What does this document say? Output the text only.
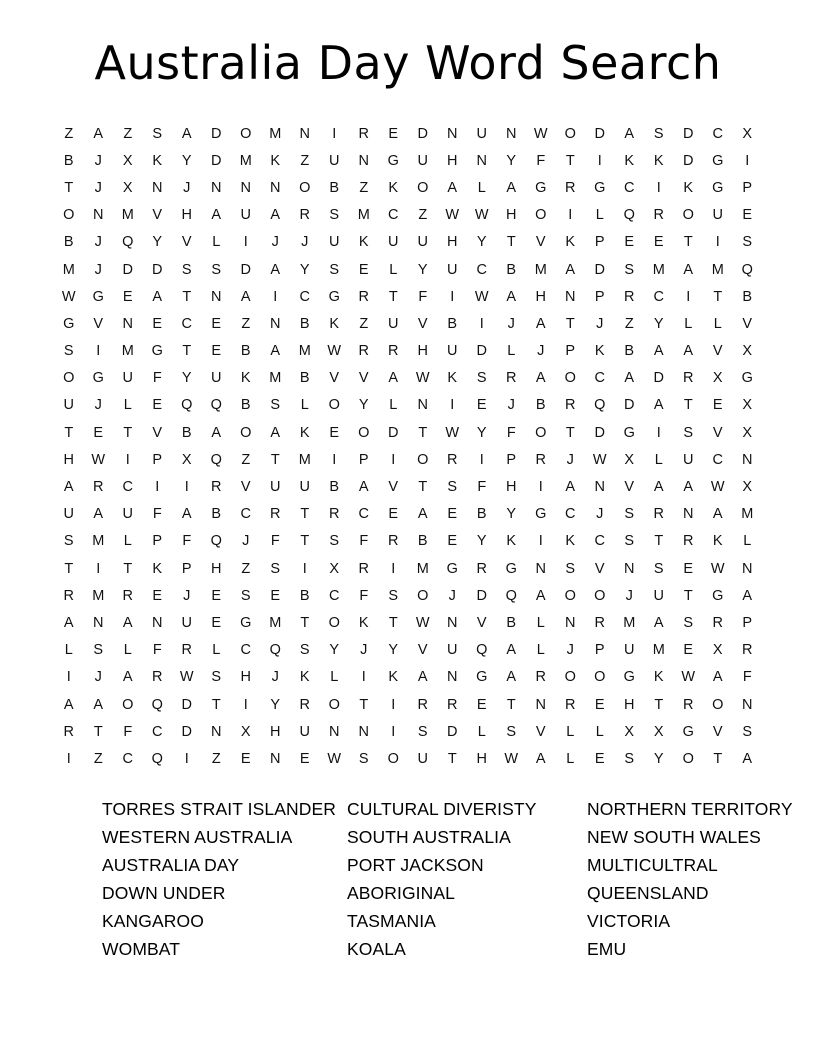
Australia Day Word Search
Z	A	Z	S	A	D	O	M	N	I	R	E	D	N	U	N	W	O	D	A	S	D	C	X
B	J	X	K	Y	D	M	K	Z	U	N	G	U	H	N	Y	F	T	I	K	K	D	G	I
T	J	X	N	J	N	N	N	O	B	Z	K	O	A	L	A	G	R	G	C	I	K	G	P
O	N	M	V	H	A	U	A	R	S	M	C	Z	W	W	H	O	I	L	Q	R	O	U	E
B	J	Q	Y	V	L	I	J	J	U	K	U	U	H	Y	T	V	K	P	E	E	T	I	S
M	J	D	D	S	S	D	A	Y	S	E	L	Y	U	C	B	M	A	D	S	M	A	M	Q
W	G	E	A	T	N	A	I	C	G	R	T	F	I	W	A	H	N	P	R	C	I	T	B
G	V	N	E	C	E	Z	N	B	K	Z	U	V	B	I	J	A	T	J	Z	Y	L	L	V
S	I	M	G	T	E	B	A	M	W	R	R	H	U	D	L	J	P	K	B	A	A	V	X
O	G	U	F	Y	U	K	M	B	V	V	A	W	K	S	R	A	O	C	A	D	R	X	G
U	J	L	E	Q	Q	B	S	L	O	Y	L	N	I	E	J	B	R	Q	D	A	T	E	X
T	E	T	V	B	A	O	A	K	E	O	D	T	W	Y	F	O	T	D	G	I	S	V	X
H	W	I	P	X	Q	Z	T	M	I	P	I	O	R	I	P	R	J	W	X	L	U	C	N
A	R	C	I	I	R	V	U	U	B	A	V	T	S	F	H	I	A	N	V	A	A	W	X
U	A	U	F	A	B	C	R	T	R	C	E	A	E	B	Y	G	C	J	S	R	N	A	M
S	M	L	P	F	Q	J	F	T	S	F	R	B	E	Y	K	I	K	C	S	T	R	K	L
T	I	T	K	P	H	Z	S	I	X	R	I	M	G	R	G	N	S	V	N	S	E	W	N
R	M	R	E	J	E	S	E	B	C	F	S	O	J	D	Q	A	O	O	J	U	T	G	A
A	N	A	N	U	E	G	M	T	O	K	T	W	N	V	B	L	N	R	M	A	S	R	P
L	S	L	F	R	L	C	Q	S	Y	J	Y	V	U	Q	A	L	J	P	U	M	E	X	R
I	J	A	R	W	S	H	J	K	L	I	K	A	N	G	A	R	O	O	G	K	W	A	F
A	A	O	Q	D	T	I	Y	R	O	T	I	R	R	E	T	N	R	E	H	T	R	O	N
R	T	F	C	D	N	X	H	U	N	N	I	S	D	L	S	V	L	L	X	X	G	V	S
I	Z	C	Q	I	Z	E	N	E	W	S	O	U	T	H	W	A	L	E	S	Y	O	T	A
TORRES STRAIT ISLANDER CULTURAL DIVERISTY	NORTHERN TERRITORY
WESTERN AUSTRALIA	SOUTH AUSTRALIA	NEW SOUTH WALES
AUSTRALIA DAY	PORT JACKSON	MULTICULTRAL
DOWN UNDER	ABORIGINAL	QUEENSLAND
KANGAROO	TASMANIA	VICTORIA
WOMBAT	KOALA	EMU
